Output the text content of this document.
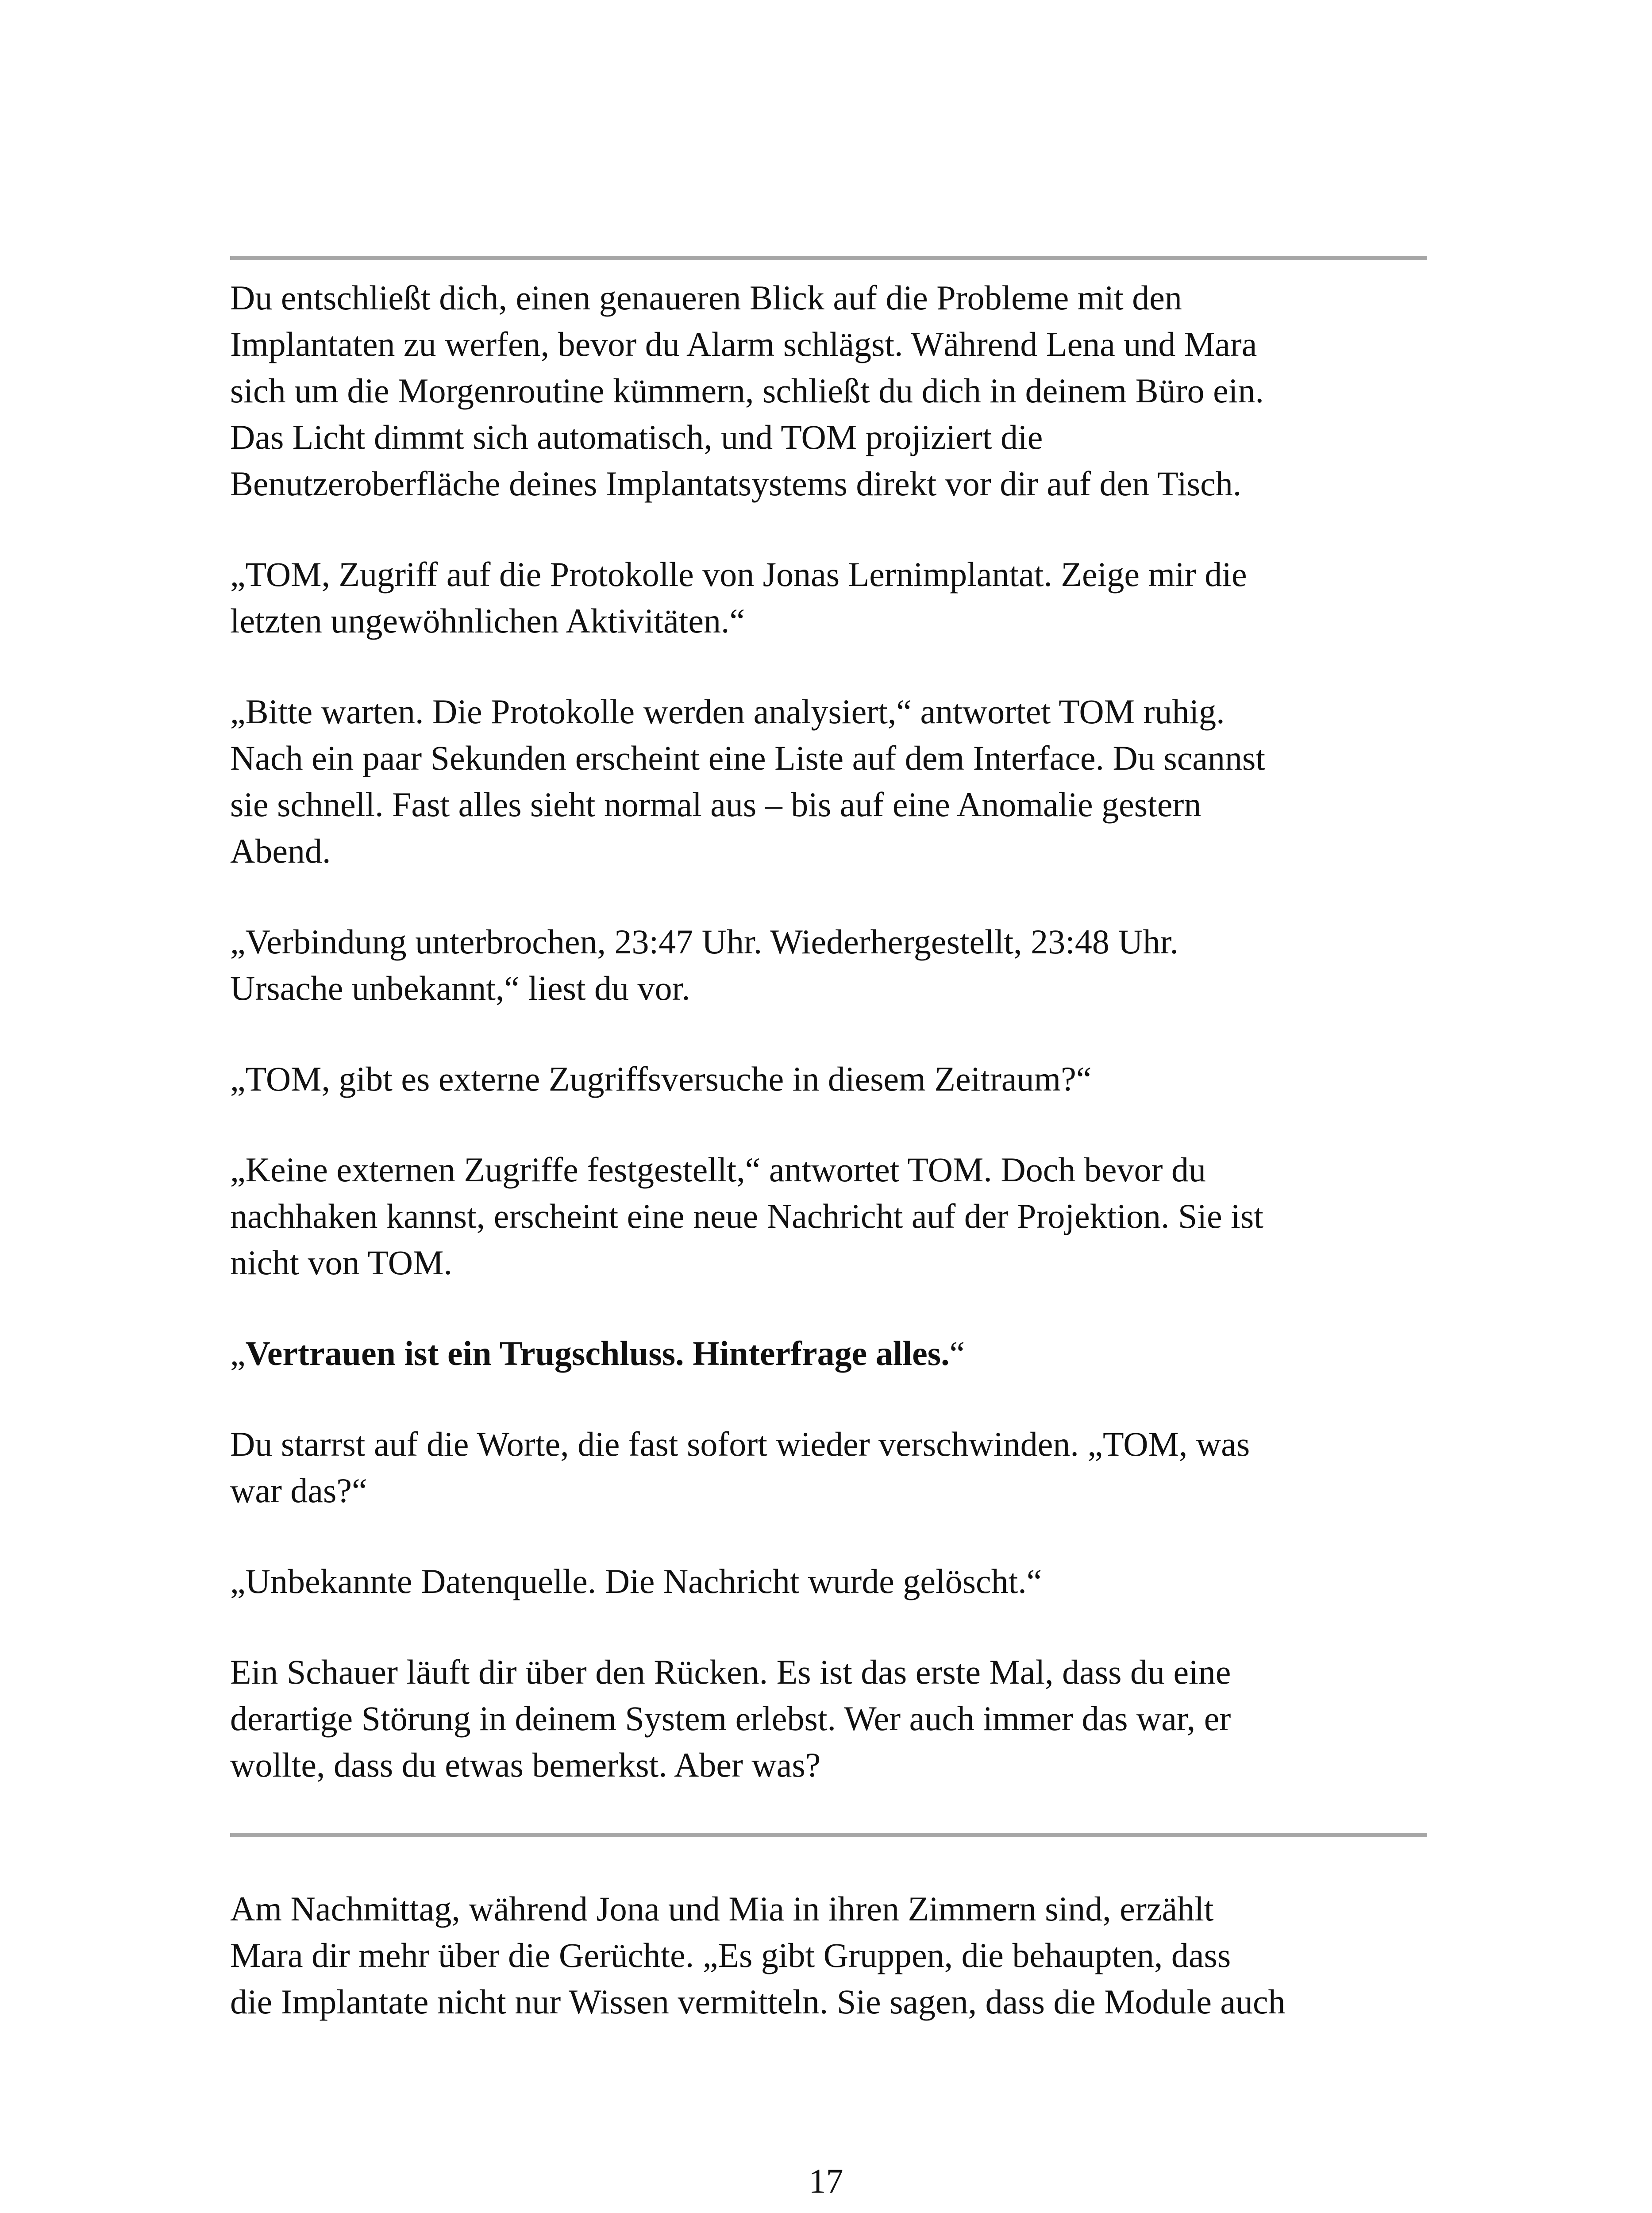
Du entschließt dich, einen genaueren Blick auf die Probleme mit den

Implantaten zu werfen, bevor du Alarm schlägst. Während Lena und Mara

sich um die Morgenroutine kümmern, schließt du dich in deinem Büro ein.

Das Licht dimmt sich automatisch, und TOM projiziert die

Benutzeroberfläche deines Implantatsystems direkt vor dir auf den Tisch.

„TOM, Zugriff auf die Protokolle von Jonas Lernimplantat. Zeige mir die

letzten ungewöhnlichen Aktivitäten.“

„Bitte warten. Die Protokolle werden analysiert,“ antwortet TOM ruhig.

Nach ein paar Sekunden erscheint eine Liste auf dem Interface. Du scannst

sie schnell. Fast alles sieht normal aus – bis auf eine Anomalie gestern

Abend.

„Verbindung unterbrochen, 23:47 Uhr. Wiederhergestellt, 23:48 Uhr.

Ursache unbekannt,“ liest du vor.

„TOM, gibt es externe Zugriffsversuche in diesem Zeitraum?“

„Keine externen Zugriffe festgestellt,“ antwortet TOM. Doch bevor du

nachhaken kannst, erscheint eine neue Nachricht auf der Projektion. Sie ist

nicht von TOM.

„Vertrauen ist ein Trugschluss. Hinterfrage alles.“

Du starrst auf die Worte, die fast sofort wieder verschwinden. „TOM, was

war das?“

„Unbekannte Datenquelle. Die Nachricht wurde gelöscht.“

Ein Schauer läuft dir über den Rücken. Es ist das erste Mal, dass du eine

derartige Störung in deinem System erlebst. Wer auch immer das war, er

wollte, dass du etwas bemerkst. Aber was?

Am Nachmittag, während Jona und Mia in ihren Zimmern sind, erzählt

Mara dir mehr über die Gerüchte. „Es gibt Gruppen, die behaupten, dass

die Implantate nicht nur Wissen vermitteln. Sie sagen, dass die Module auch

17
